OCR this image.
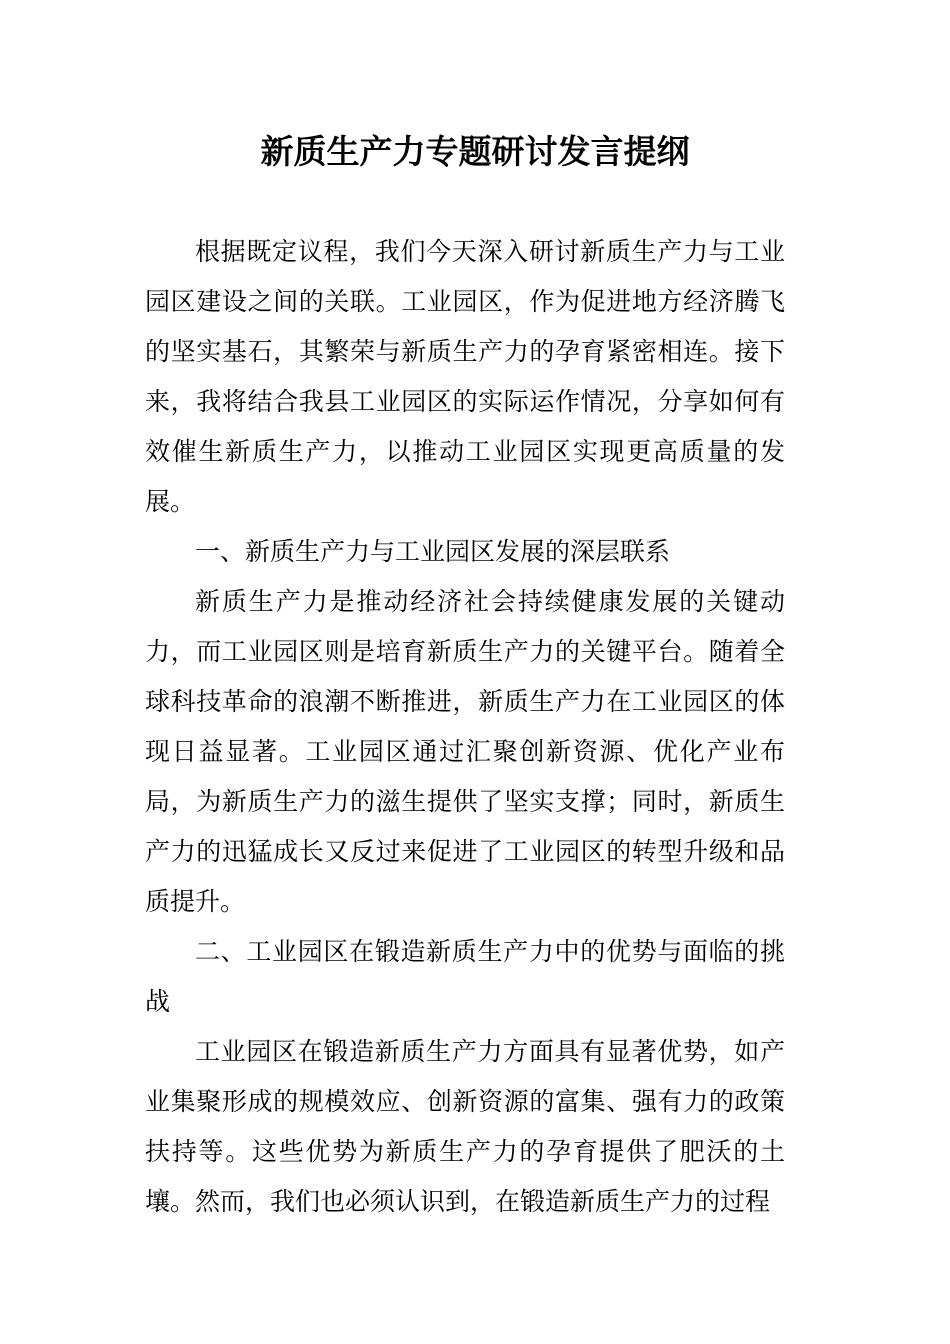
新质生产力专题研讨发言提纲

根据既定议程，我们今天深入研讨新质生产力与工业园区建设之间的关联。工业园区，作为促进地方经济腾飞的坚实基石，其繁荣与新质生产力的孕育紧密相连。接下来，我将结合我县工业园区的实际运作情况，分享如何有效催生新质生产力，以推动工业园区实现更高质量的发展。

一、新质生产力与工业园区发展的深层联系

新质生产力是推动经济社会持续健康发展的关键动力，而工业园区则是培育新质生产力的关键平台。随着全球科技革命的浪潮不断推进，新质生产力在工业园区的体现日益显著。工业园区通过汇聚创新资源、优化产业布局，为新质生产力的滋生提供了坚实支撑；同时，新质生产力的迅猛成长又反过来促进了工业园区的转型升级和品质提升。

二、工业园区在锻造新质生产力中的优势与面临的挑战

工业园区在锻造新质生产力方面具有显著优势，如产业集聚形成的规模效应、创新资源的富集、强有力的政策扶持等。这些优势为新质生产力的孕育提供了肥沃的土壤。然而，我们也必须认识到，在锻造新质生产力的过程
